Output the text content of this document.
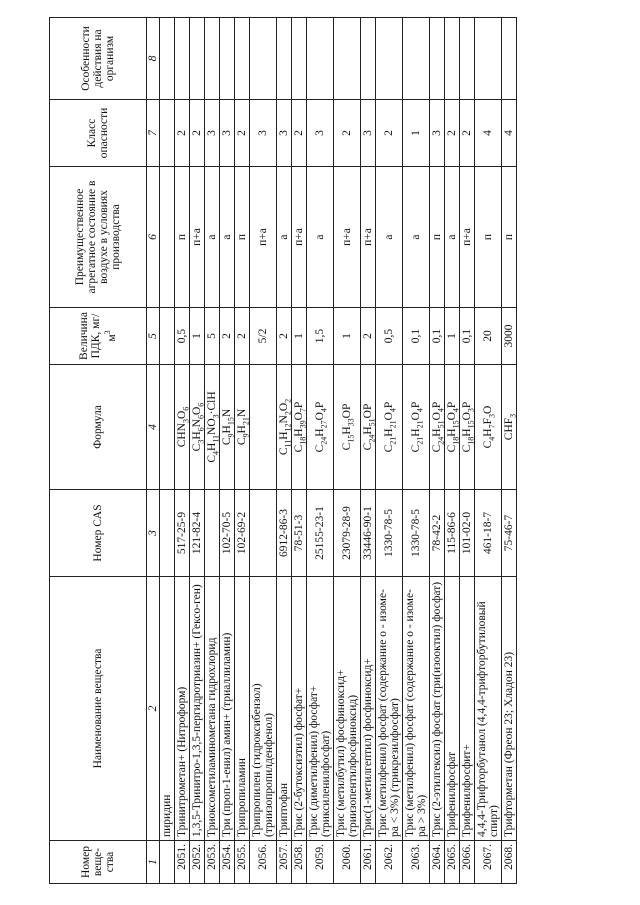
Номер веще-ства	Наименование вещества	Номер CAS	Формула	Величина ПДК, $мг/м^3$	Преимущественное агрегатное состояние в воздухе в условиях производства	Класс опасности	Особенности действия на организм
1	2	3	4	5	6	7	8
	пиридин						
2051.	Тринитрометан+ (Нитроформ)	517-25-9	$CHN_3O_6$	0,5	п	2	
2052.	1,3,5-Тринитро-1,3,5-пергидротриазин+ (Гексо-ген)	121-82-4	$C_3H_6N_6O_6$	1	п+а	2	
2053.	Триоксометиламинометана гидрохлорид		$C_4H_{11}NO_3\cdot ClH$	5	а	3	
2054.	Три (проп-1-енил) амин+ (триаллиламин)	102-70-5	$C_9H_{15}N$	2	а	3	
2055.	Трипропиламин	102-69-2	$C_9H_{21}N$	2	п	2	
2056.	Трипропилен (гидроксибензол) (триизопропилденфенол)			5/2	п+а	3	
2057.	Триптофан	6912-86-3	$C_{11}H_{12}N_2O_2$	2	а	3	
2058.	Трис (2-бутоксиэтил) фосфат+	78-51-3	$C_{18}H_{39}O_7P$	1	п+а	2	
2059.	Трис (диметилфенил) фосфат+ (триксиленилфосфат)	25155-23-1	$C_{24}H_{27}O_4P$	1,5	а	3	
2060.	Трис (метилбутил) фосфиноксид+ (триизопентилфосфиноксид)	23079-28-9	$C_{15}H_{33}OP$	1	п+а	2	
2061.	Трис(1-метилгептил) фосфиноксид+	33446-90-1	$C_{24}H_{51}OP$	2	п+а	3	
2062.	Трис (метилфенил) фосфат (содержание о - изоме-ра < 3%) (трикрезилфосфат)	1330-78-5	$C_{21}H_{21}O_4P$	0,5	а	2	
2063.	Трис (метилфенил) фосфат (содержание о - изоме-ра > 3%)	1330-78-5	$C_{21}H_{21}O_4P$	0,1	а	1	
2064.	Трис (2-этилгексил) фосфат (три(изооктил) фосфат)	78-42-2	$C_{24}H_{51}O_4P$	0,1	п	3	
2065.	Трифенилфосфат	115-86-6	$C_{18}H_{15}O_4P$	1	а	2	
2066.	Трифенилфосфит+	101-02-0	$C_{18}H_{15}O_3P$	0,1	п+а	2	
2067.	4,4,4-Трифторбутанол (4,4,4-трифторбутиловый спирт)	461-18-7	$C_4H_7F_3O$	20	п	4	
2068.	Трифторметан (Фреон 23; Хладон 23)	75-46-7	$CHF_3$	3000	п	4	
